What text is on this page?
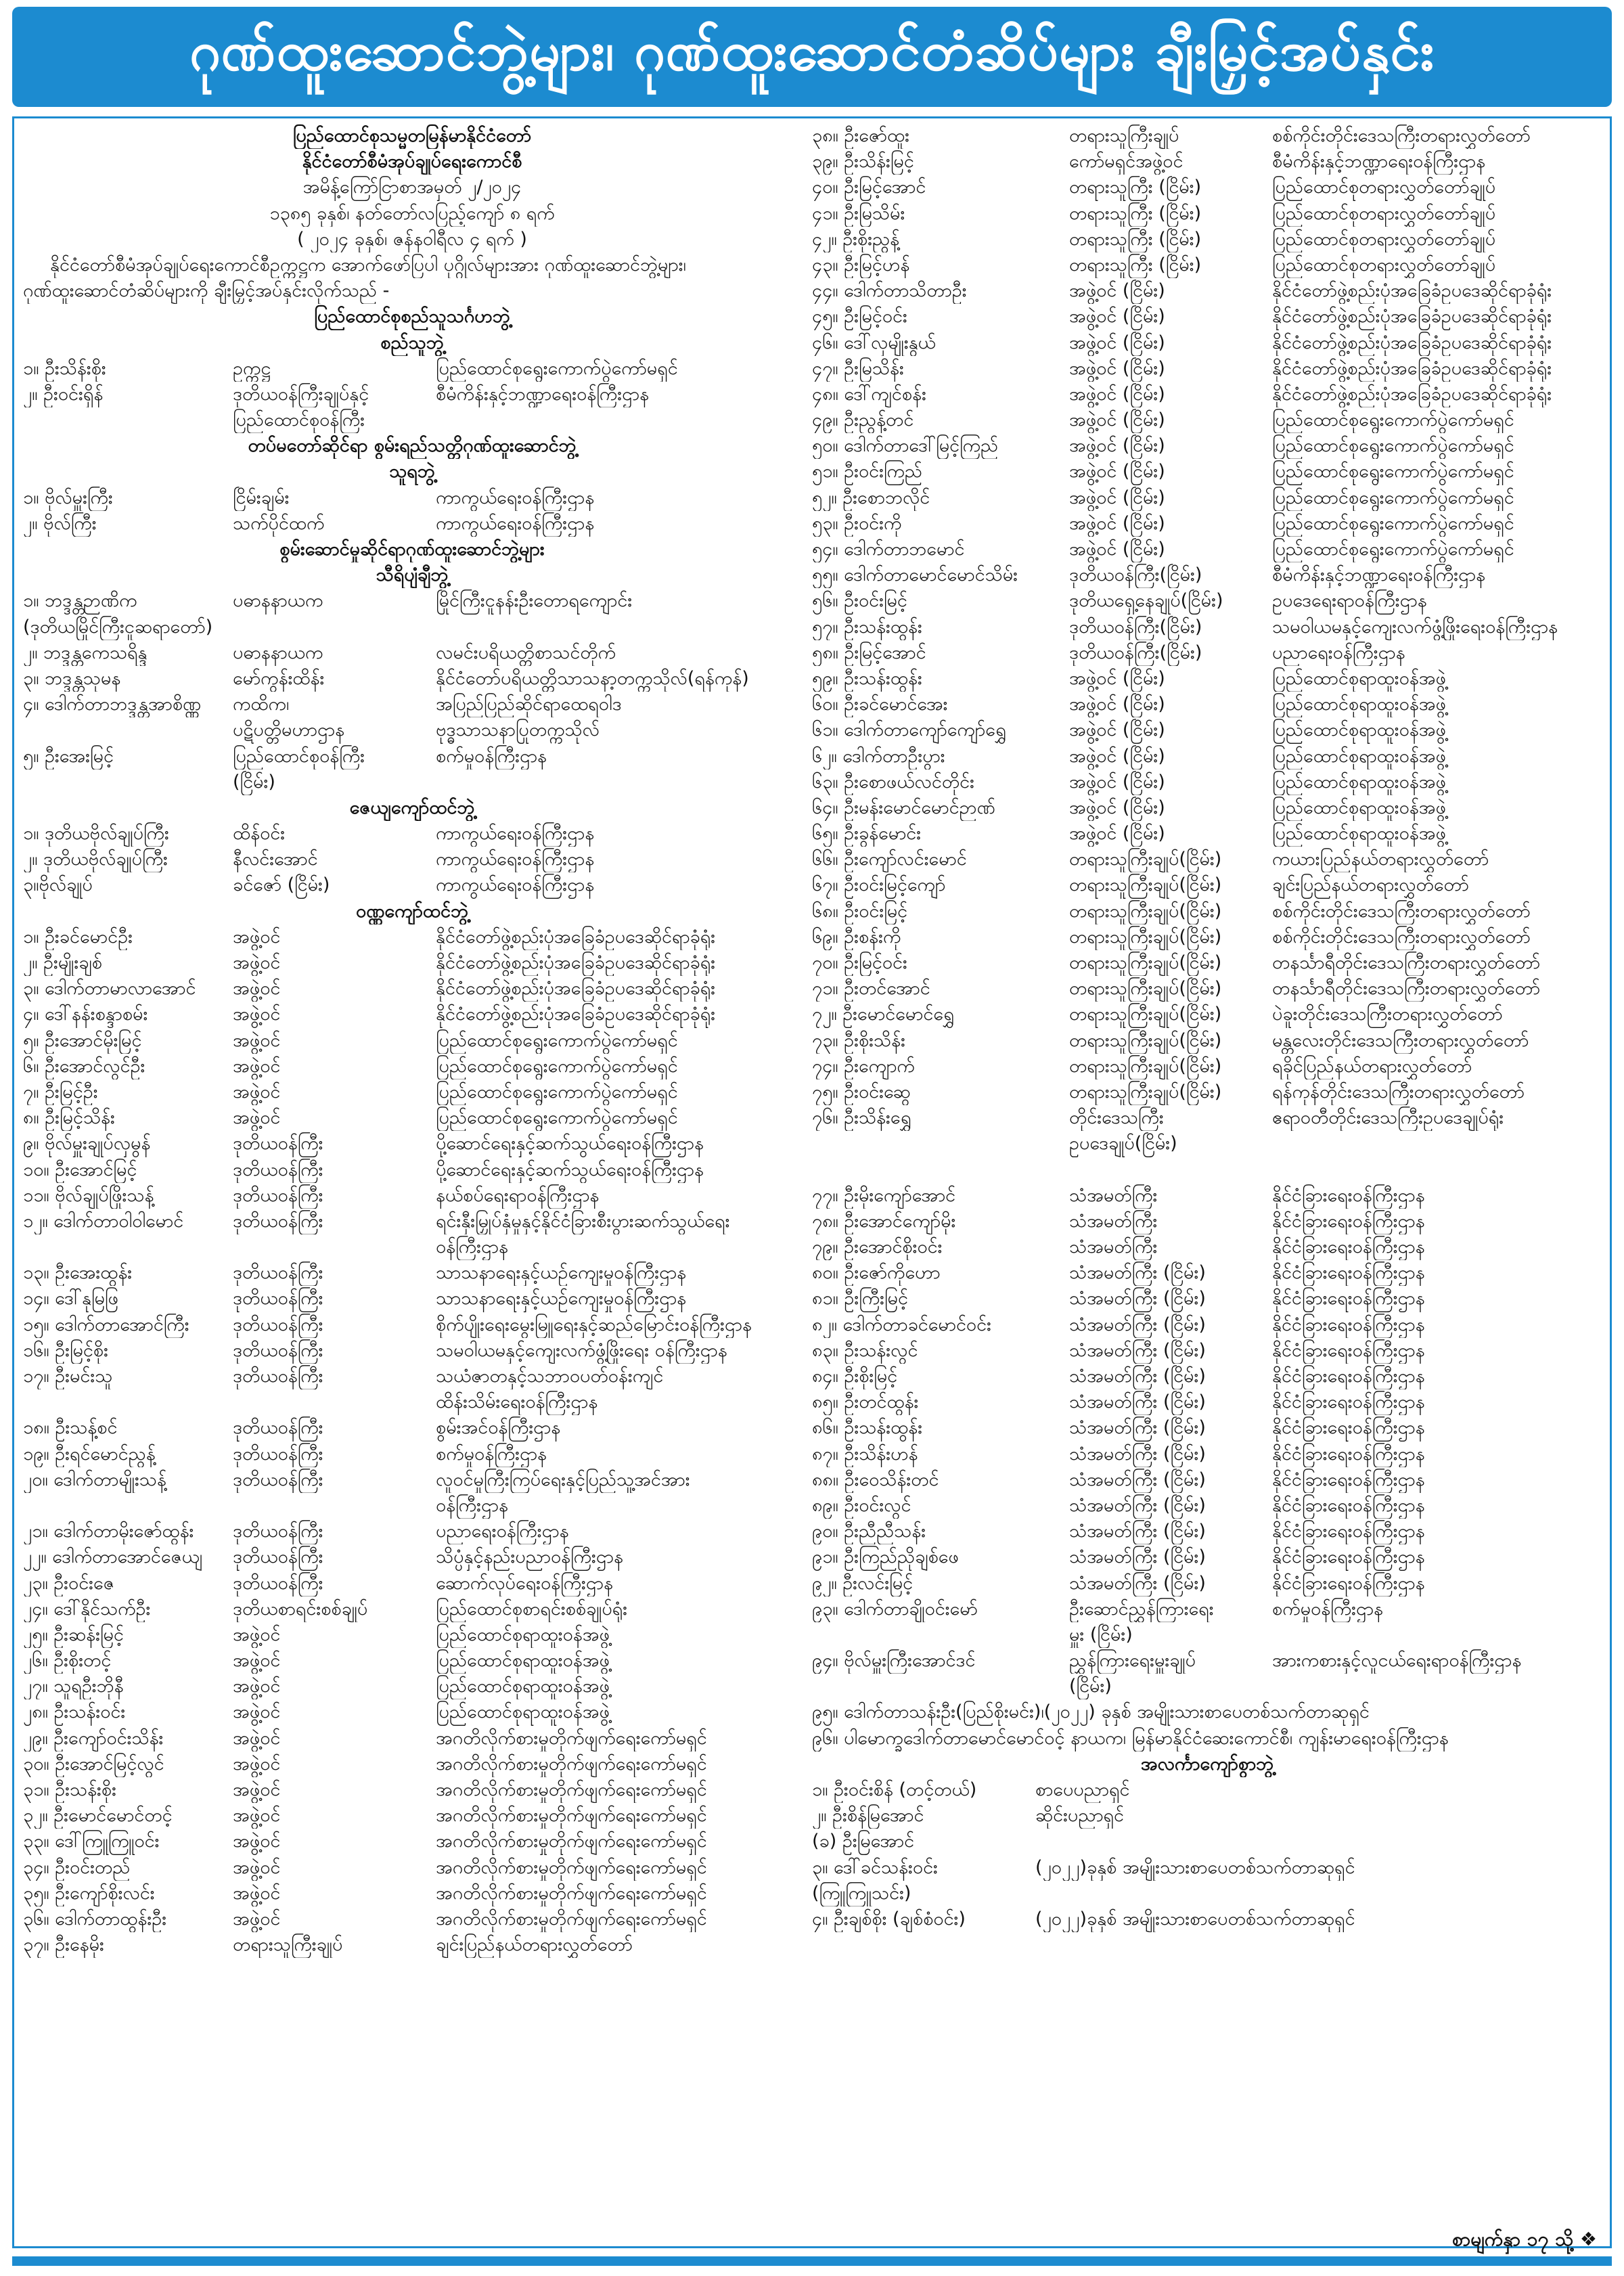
ဂုဏ်ထူးဆောင်ဘွဲ့များ၊ ဂုဏ်ထူးဆောင်တံဆိပ်များ ချီးမြှင့်အပ်နှင်း
ပြည်ထောင်စုသမ္မတမြန်မာနိုင်ငံတော်
နိုင်ငံတော်စီမံအုပ်ချုပ်ရေးကောင်စီ
အမိန့်ကြော်ငြာစာအမှတ် ၂/၂၀၂၄
၁၃၈၅ ခုနှစ်၊ နတ်တော်လပြည့်ကျော် ၈ ရက်
( ၂၀၂၄ ခုနှစ်၊ ဇန်နဝါရီလ ၄ ရက် )
နိုင်ငံတော်စီမံအုပ်ချုပ်ရေးကောင်စီဥက္ကဋ္ဌက အောက်ဖော်ပြပါ ပုဂ္ဂိုလ်များအား ဂုဏ်ထူးဆောင်ဘွဲ့များ၊
ဂုဏ်ထူးဆောင်တံဆိပ်များကို ချီးမြှင့်အပ်နှင်းလိုက်သည် -
ပြည်ထောင်စုစည်သူသင်္ဂဟဘွဲ့
စည်သူဘွဲ့
၁။ ဦးသိန်းစိုး	ဥက္ကဋ္ဌ	ပြည်ထောင်စုရွေးကောက်ပွဲကော်မရှင်
၂။ ဦးဝင်းရှိန်	ဒုတိယဝန်ကြီးချုပ်နှင့်	စီမံကိန်းနှင့်ဘဏ္ဍာရေးဝန်ကြီးဌာန
ပြည်ထောင်စုဝန်ကြီး
တပ်မတော်ဆိုင်ရာ စွမ်းရည်သတ္တိဂုဏ်ထူးဆောင်ဘွဲ့
သူရဘွဲ့
၁။ ဗိုလ်မှူးကြီး	ငြိမ်းချမ်း	ကာကွယ်ရေးဝန်ကြီးဌာန
၂။ ဗိုလ်ကြီး	သက်ပိုင်ထက်	ကာကွယ်ရေးဝန်ကြီးဌာန
စွမ်းဆောင်မှုဆိုင်ရာဂုဏ်ထူးဆောင်ဘွဲ့များ
သီရိပျံချီဘွဲ့
၁။ ဘဒ္ဒန္တဉာဏိက	ပဓာနနာယက	မြိုင်ကြီးငူနန်းဦးတောရကျောင်း
(ဒုတိယမြိုင်ကြီးငူဆရာတော်)
၂။ ဘဒ္ဒန္တကေသရိန္ဒ	ပဓာနနာယက	လမင်းပရိယတ္တိစာသင်တိုက်
၃။ ဘဒ္ဒန္တသုမန	မော်ကွန်းထိန်း	နိုင်ငံတော်ပရိယတ္တိသာသနာ့တက္ကသိုလ်(ရန်ကုန်)
၄။ ဒေါက်တာဘဒ္ဒန္တအာစိဏ္ဏ	ကထိက၊	အပြည်ပြည်ဆိုင်ရာထေရဝါဒ
ပဋိပတ္တိမဟာဌာန	ဗုဒ္ဓသာသနာပြုတက္ကသိုလ်
၅။ ဦးအေးမြင့်	ပြည်ထောင်စုဝန်ကြီး	စက်မှုဝန်ကြီးဌာန
(ငြိမ်း)
ဇေယျကျော်ထင်ဘွဲ့
၁။ ဒုတိယဗိုလ်ချုပ်ကြီး	ထိန်ဝင်း	ကာကွယ်ရေးဝန်ကြီးဌာန
၂။ ဒုတိယဗိုလ်ချုပ်ကြီး	နီလင်းအောင်	ကာကွယ်ရေးဝန်ကြီးဌာန
၃။ဗိုလ်ချုပ်	ခင်ဇော် (ငြိမ်း)	ကာကွယ်ရေးဝန်ကြီးဌာန
ဝဏ္ဏကျော်ထင်ဘွဲ့
၁။ ဦးခင်မောင်ဦး	အဖွဲ့ဝင်	နိုင်ငံတော်ဖွဲ့စည်းပုံအခြေခံဥပဒေဆိုင်ရာခုံရုံး
၂။ ဦးမျိုးချစ်	အဖွဲ့ဝင်	နိုင်ငံတော်ဖွဲ့စည်းပုံအခြေခံဥပဒေဆိုင်ရာခုံရုံး
၃။ ဒေါက်တာမာလာအောင်	အဖွဲ့ဝင်	နိုင်ငံတော်ဖွဲ့စည်းပုံအခြေခံဥပဒေဆိုင်ရာခုံရုံး
၄။ ဒေါ်နန်းစန္ဒာစမ်း	အဖွဲ့ဝင်	နိုင်ငံတော်ဖွဲ့စည်းပုံအခြေခံဥပဒေဆိုင်ရာခုံရုံး
၅။ ဦးအောင်မိုးမြင့်	အဖွဲ့ဝင်	ပြည်ထောင်စုရွေးကောက်ပွဲကော်မရှင်
၆။ ဦးအောင်လွင်ဦး	အဖွဲ့ဝင်	ပြည်ထောင်စုရွေးကောက်ပွဲကော်မရှင်
၇။ ဦးမြင့်ဦး	အဖွဲ့ဝင်	ပြည်ထောင်စုရွေးကောက်ပွဲကော်မရှင်
၈။ ဦးမြင့်သိန်း	အဖွဲ့ဝင်	ပြည်ထောင်စုရွေးကောက်ပွဲကော်မရှင်
၉။ ဗိုလ်မှူးချုပ်လှမွန်	ဒုတိယဝန်ကြီး	ပို့ဆောင်ရေးနှင့်ဆက်သွယ်ရေးဝန်ကြီးဌာန
၁၀။ ဦးအောင်မြင့်	ဒုတိယဝန်ကြီး	ပို့ဆောင်ရေးနှင့်ဆက်သွယ်ရေးဝန်ကြီးဌာန
၁၁။ ဗိုလ်ချုပ်ဖြိုးသန့်	ဒုတိယဝန်ကြီး	နယ်စပ်ရေးရာဝန်ကြီးဌာန
၁၂။ ဒေါက်တာဝါဝါမောင်	ဒုတိယဝန်ကြီး	ရင်းနှီးမြှုပ်နှံမှုနှင့်နိုင်ငံခြားစီးပွားဆက်သွယ်ရေး
ဝန်ကြီးဌာန
၁၃။ ဦးအေးထွန်း	ဒုတိယဝန်ကြီး	သာသနာရေးနှင့်ယဉ်ကျေးမှုဝန်ကြီးဌာန
၁၄။ ဒေါ်နုမြဖြ	ဒုတိယဝန်ကြီး	သာသနာရေးနှင့်ယဉ်ကျေးမှုဝန်ကြီးဌာန
၁၅။ ဒေါက်တာအောင်ကြီး	ဒုတိယဝန်ကြီး	စိုက်ပျိုးရေးမွေးမြူရေးနှင့်ဆည်မြောင်းဝန်ကြီးဌာန
၁၆။ ဦးမြင့်စိုး	ဒုတိယဝန်ကြီး	သမဝါယမနှင့်ကျေးလက်ဖွံ့ဖြိုးရေး ဝန်ကြီးဌာန
၁၇။ ဦးမင်းသူ	ဒုတိယဝန်ကြီး	သယံဇာတနှင့်သဘာဝပတ်ဝန်းကျင်
ထိန်းသိမ်းရေးဝန်ကြီးဌာန
၁၈။ ဦးသန့်စင်	ဒုတိယဝန်ကြီး	စွမ်းအင်ဝန်ကြီးဌာန
၁၉။ ဦးရင်မောင်ညွန့်	ဒုတိယဝန်ကြီး	စက်မှုဝန်ကြီးဌာန
၂၀။ ဒေါက်တာမျိုးသန့်	ဒုတိယဝန်ကြီး	လူဝင်မှုကြီးကြပ်ရေးနှင့်ပြည်သူ့အင်အား
ဝန်ကြီးဌာန
၂၁။ ဒေါက်တာမိုးဇော်ထွန်း	ဒုတိယဝန်ကြီး	ပညာရေးဝန်ကြီးဌာန
၂၂။ ဒေါက်တာအောင်ဇေယျ	ဒုတိယဝန်ကြီး	သိပ္ပံနှင့်နည်းပညာဝန်ကြီးဌာန
၂၃။ ဦးဝင်းဇေ	ဒုတိယဝန်ကြီး	ဆောက်လုပ်ရေးဝန်ကြီးဌာန
၂၄။ ဒေါ်နိုင်သက်ဦး	ဒုတိယစာရင်းစစ်ချုပ်	ပြည်ထောင်စုစာရင်းစစ်ချုပ်ရုံး
၂၅။ ဦးဆန်းမြင့်	အဖွဲ့ဝင်	ပြည်ထောင်စုရာထူးဝန်အဖွဲ့
၂၆။ ဦးစိုးတင့်	အဖွဲ့ဝင်	ပြည်ထောင်စုရာထူးဝန်အဖွဲ့
၂၇။ သူရဦးဘိုနီ	အဖွဲ့ဝင်	ပြည်ထောင်စုရာထူးဝန်အဖွဲ့
၂၈။ ဦးသန်းဝင်း	အဖွဲ့ဝင်	ပြည်ထောင်စုရာထူးဝန်အဖွဲ့
၂၉။ ဦးကျော်ဝင်းသိန်း	အဖွဲ့ဝင်	အဂတိလိုက်စားမှုတိုက်ဖျက်ရေးကော်မရှင်
၃၀။ ဦးအောင်မြင့်လွင်	အဖွဲ့ဝင်	အဂတိလိုက်စားမှုတိုက်ဖျက်ရေးကော်မရှင်
၃၁။ ဦးသန်းစိုး	အဖွဲ့ဝင်	အဂတိလိုက်စားမှုတိုက်ဖျက်ရေးကော်မရှင်
၃၂။ ဦးမောင်မောင်တင့်	အဖွဲ့ဝင်	အဂတိလိုက်စားမှုတိုက်ဖျက်ရေးကော်မရှင်
၃၃။ ဒေါ်ကြူကြူဝင်း	အဖွဲ့ဝင်	အဂတိလိုက်စားမှုတိုက်ဖျက်ရေးကော်မရှင်
၃၄။ ဦးဝင်းတည်	အဖွဲ့ဝင်	အဂတိလိုက်စားမှုတိုက်ဖျက်ရေးကော်မရှင်
၃၅။ ဦးကျော်စိုးလင်း	အဖွဲ့ဝင်	အဂတိလိုက်စားမှုတိုက်ဖျက်ရေးကော်မရှင်
၃၆။ ဒေါက်တာထွန်းဦး	အဖွဲ့ဝင်	အဂတိလိုက်စားမှုတိုက်ဖျက်ရေးကော်မရှင်
၃၇။ ဦးနေမိုး	တရားသူကြီးချုပ်	ချင်းပြည်နယ်တရားလွှတ်တော်
၃၈။ ဦးဇော်ထူး	တရားသူကြီးချုပ်	စစ်ကိုင်းတိုင်းဒေသကြီးတရားလွှတ်တော်
၃၉။ ဦးသိန်းမြင့်	ကော်မရှင်အဖွဲ့ဝင်	စီမံကိန်းနှင့်ဘဏ္ဍာရေးဝန်ကြီးဌာန
၄၀။ ဦးမြင့်အောင်	တရားသူကြီး (ငြိမ်း)	ပြည်ထောင်စုတရားလွှတ်တော်ချုပ်
၄၁။ ဦးမြသိမ်း	တရားသူကြီး (ငြိမ်း)	ပြည်ထောင်စုတရားလွှတ်တော်ချုပ်
၄၂။ ဦးစိုးညွန့်	တရားသူကြီး (ငြိမ်း)	ပြည်ထောင်စုတရားလွှတ်တော်ချုပ်
၄၃။ ဦးမြင့်ဟန်	တရားသူကြီး (ငြိမ်း)	ပြည်ထောင်စုတရားလွှတ်တော်ချုပ်
၄၄။ ဒေါက်တာသိတာဦး	အဖွဲ့ဝင် (ငြိမ်း)	နိုင်ငံတော်ဖွဲ့စည်းပုံအခြေခံဥပဒေဆိုင်ရာခုံရုံး
၄၅။ ဦးမြင့်ဝင်း	အဖွဲ့ဝင် (ငြိမ်း)	နိုင်ငံတော်ဖွဲ့စည်းပုံအခြေခံဥပဒေဆိုင်ရာခုံရုံး
၄၆။ ဒေါ်လှမျိုးနွယ်	အဖွဲ့ဝင် (ငြိမ်း)	နိုင်ငံတော်ဖွဲ့စည်းပုံအခြေခံဥပဒေဆိုင်ရာခုံရုံး
၄၇။ ဦးမြသိန်း	အဖွဲ့ဝင် (ငြိမ်း)	နိုင်ငံတော်ဖွဲ့စည်းပုံအခြေခံဥပဒေဆိုင်ရာခုံရုံး
၄၈။ ဒေါ်ကျင်စန်း	အဖွဲ့ဝင် (ငြိမ်း)	နိုင်ငံတော်ဖွဲ့စည်းပုံအခြေခံဥပဒေဆိုင်ရာခုံရုံး
၄၉။ ဦးညွန့်တင်	အဖွဲ့ဝင် (ငြိမ်း)	ပြည်ထောင်စုရွေးကောက်ပွဲကော်မရှင်
၅၀။ ဒေါက်တာဒေါ်မြင့်ကြည်	အဖွဲ့ဝင် (ငြိမ်း)	ပြည်ထောင်စုရွေးကောက်ပွဲကော်မရှင်
၅၁။ ဦးဝင်းကြည်	အဖွဲ့ဝင် (ငြိမ်း)	ပြည်ထောင်စုရွေးကောက်ပွဲကော်မရှင်
၅၂။ ဦးစောဘလိုင်	အဖွဲ့ဝင် (ငြိမ်း)	ပြည်ထောင်စုရွေးကောက်ပွဲကော်မရှင်
၅၃။ ဦးဝင်းကို	အဖွဲ့ဝင် (ငြိမ်း)	ပြည်ထောင်စုရွေးကောက်ပွဲကော်မရှင်
၅၄။ ဒေါက်တာဘမောင်	အဖွဲ့ဝင် (ငြိမ်း)	ပြည်ထောင်စုရွေးကောက်ပွဲကော်မရှင်
၅၅။ ဒေါက်တာမောင်မောင်သိမ်း	ဒုတိယဝန်ကြီး(ငြိမ်း)	စီမံကိန်းနှင့်ဘဏ္ဍာရေးဝန်ကြီးဌာန
၅၆။ ဦးဝင်းမြင့်	ဒုတိယရှေ့နေချုပ်(ငြိမ်း)	ဥပဒေရေးရာဝန်ကြီးဌာန
၅၇။ ဦးသန်းထွန်း	ဒုတိယဝန်ကြီး(ငြိမ်း)	သမဝါယမနှင့်ကျေးလက်ဖွံ့ဖြိုးရေးဝန်ကြီးဌာန
၅၈။ ဦးမြင့်အောင်	ဒုတိယဝန်ကြီး(ငြိမ်း)	ပညာရေးဝန်ကြီးဌာန
၅၉။ ဦးသန်းထွန်း	အဖွဲ့ဝင် (ငြိမ်း)	ပြည်ထောင်စုရာထူးဝန်အဖွဲ့
၆၀။ ဦးခင်မောင်အေး	အဖွဲ့ဝင် (ငြိမ်း)	ပြည်ထောင်စုရာထူးဝန်အဖွဲ့
၆၁။ ဒေါက်တာကျော်ကျော်ရွှေ	အဖွဲ့ဝင် (ငြိမ်း)	ပြည်ထောင်စုရာထူးဝန်အဖွဲ့
၆၂။ ဒေါက်တာဦးပွား	အဖွဲ့ဝင် (ငြိမ်း)	ပြည်ထောင်စုရာထူးဝန်အဖွဲ့
၆၃။ ဦးစောဖယ်လင်တိုင်း	အဖွဲ့ဝင် (ငြိမ်း)	ပြည်ထောင်စုရာထူးဝန်အဖွဲ့
၆၄။ ဦးမန်းမောင်မောင်ဉာဏ်	အဖွဲ့ဝင် (ငြိမ်း)	ပြည်ထောင်စုရာထူးဝန်အဖွဲ့
၆၅။ ဦးခွန်မောင်း	အဖွဲ့ဝင် (ငြိမ်း)	ပြည်ထောင်စုရာထူးဝန်အဖွဲ့
၆၆။ ဦးကျော်လင်းမောင်	တရားသူကြီးချုပ်(ငြိမ်း)	ကယားပြည်နယ်တရားလွှတ်တော်
၆၇။ ဦးဝင်းမြင့်ကျော်	တရားသူကြီးချုပ်(ငြိမ်း)	ချင်းပြည်နယ်တရားလွှတ်တော်
၆၈။ ဦးဝင်းမြင့်	တရားသူကြီးချုပ်(ငြိမ်း)	စစ်ကိုင်းတိုင်းဒေသကြီးတရားလွှတ်တော်
၆၉။ ဦးစန်းကို	တရားသူကြီးချုပ်(ငြိမ်း)	စစ်ကိုင်းတိုင်းဒေသကြီးတရားလွှတ်တော်
၇၀။ ဦးမြင့်ဝင်း	တရားသူကြီးချုပ်(ငြိမ်း)	တနင်္သာရီတိုင်းဒေသကြီးတရားလွှတ်တော်
၇၁။ ဦးတင်အောင်	တရားသူကြီးချုပ်(ငြိမ်း)	တနင်္သာရီတိုင်းဒေသကြီးတရားလွှတ်တော်
၇၂။ ဦးမောင်မောင်ရွှေ	တရားသူကြီးချုပ်(ငြိမ်း)	ပဲခူးတိုင်းဒေသကြီးတရားလွှတ်တော်
၇၃။ ဦးစိုးသိန်း	တရားသူကြီးချုပ်(ငြိမ်း)	မန္တလေးတိုင်းဒေသကြီးတရားလွှတ်တော်
၇၄။ ဦးကျောက်	တရားသူကြီးချုပ်(ငြိမ်း)	ရခိုင်ပြည်နယ်တရားလွှတ်တော်
၇၅။ ဦးဝင်းဆွေ	တရားသူကြီးချုပ်(ငြိမ်း)	ရန်ကုန်တိုင်းဒေသကြီးတရားလွှတ်တော်
၇၆။ ဦးသိန်းရွှေ	တိုင်းဒေသကြီး	ဧရာဝတီတိုင်းဒေသကြီးဥပဒေချုပ်ရုံး
ဥပဒေချုပ်(ငြိမ်း)
၇၇။ ဦးမိုးကျော်အောင်	သံအမတ်ကြီး	နိုင်ငံခြားရေးဝန်ကြီးဌာန
၇၈။ ဦးအောင်ကျော်မိုး	သံအမတ်ကြီး	နိုင်ငံခြားရေးဝန်ကြီးဌာန
၇၉။ ဦးအောင်စိုးဝင်း	သံအမတ်ကြီး	နိုင်ငံခြားရေးဝန်ကြီးဌာန
၈၀။ ဦးဇော်ကိုဟော	သံအမတ်ကြီး (ငြိမ်း)	နိုင်ငံခြားရေးဝန်ကြီးဌာန
၈၁။ ဦးကြီးမြင့်	သံအမတ်ကြီး (ငြိမ်း)	နိုင်ငံခြားရေးဝန်ကြီးဌာန
၈၂။ ဒေါက်တာခင်မောင်ဝင်း	သံအမတ်ကြီး (ငြိမ်း)	နိုင်ငံခြားရေးဝန်ကြီးဌာန
၈၃။ ဦးသန်းလွင်	သံအမတ်ကြီး (ငြိမ်း)	နိုင်ငံခြားရေးဝန်ကြီးဌာန
၈၄။ ဦးစိုးမြင့်	သံအမတ်ကြီး (ငြိမ်း)	နိုင်ငံခြားရေးဝန်ကြီးဌာန
၈၅။ ဦးတင်ထွန်း	သံအမတ်ကြီး (ငြိမ်း)	နိုင်ငံခြားရေးဝန်ကြီးဌာန
၈၆။ ဦးသန်းထွန်း	သံအမတ်ကြီး (ငြိမ်း)	နိုင်ငံခြားရေးဝန်ကြီးဌာန
၈၇။ ဦးသိန်းဟန်	သံအမတ်ကြီး (ငြိမ်း)	နိုင်ငံခြားရေးဝန်ကြီးဌာန
၈၈။ ဦးဝေသိန်းတင်	သံအမတ်ကြီး (ငြိမ်း)	နိုင်ငံခြားရေးဝန်ကြီးဌာန
၈၉။ ဦးဝင်းလွင်	သံအမတ်ကြီး (ငြိမ်း)	နိုင်ငံခြားရေးဝန်ကြီးဌာန
၉၀။ ဦးညီညီသန်း	သံအမတ်ကြီး (ငြိမ်း)	နိုင်ငံခြားရေးဝန်ကြီးဌာန
၉၁။ ဦးကြည်ညိုချစ်ဖေ	သံအမတ်ကြီး (ငြိမ်း)	နိုင်ငံခြားရေးဝန်ကြီးဌာန
၉၂။ ဦးလင်းမြင့်	သံအမတ်ကြီး (ငြိမ်း)	နိုင်ငံခြားရေးဝန်ကြီးဌာန
၉၃။ ဒေါက်တာချိုဝင်းမော်	ဦးဆောင်ညွှန်ကြားရေး	စက်မှုဝန်ကြီးဌာန
မှူး (ငြိမ်း)
၉၄။ ဗိုလ်မှူးကြီးအောင်ဒင်	ညွှန်ကြားရေးမှူးချုပ်	အားကစားနှင့်လူငယ်ရေးရာဝန်ကြီးဌာန
(ငြိမ်း)
၉၅။ ဒေါက်တာသန်းဦး(ပြည်စိုးမင်း)၊(၂၀၂၂) ခုနှစ် အမျိုးသားစာပေတစ်သက်တာဆုရှင်
၉၆။ ပါမောက္ခဒေါက်တာမောင်မောင်ဝင့် နာယက၊ မြန်မာနိုင်ငံဆေးကောင်စီ၊ ကျန်းမာရေးဝန်ကြီးဌာန
အလင်္ကာကျော်စွာဘွဲ့
၁။ ဦးဝင်းစိန် (တင့်တယ်)	စာပေပညာရှင်
၂။ ဦးစိန်မြအောင်	ဆိုင်းပညာရှင်
(ခ) ဦးမြအောင်
၃။ ဒေါ်ခင်သန်းဝင်း	(၂၀၂၂)ခုနှစ် အမျိုးသားစာပေတစ်သက်တာဆုရှင်
(ကြူကြူသင်း)
၄။ ဦးချစ်စိုး (ချစ်စံဝင်း)	(၂၀၂၂)ခုနှစ် အမျိုးသားစာပေတစ်သက်တာဆုရှင်
စာမျက်နှာ ၁၇ သို့ ❖
